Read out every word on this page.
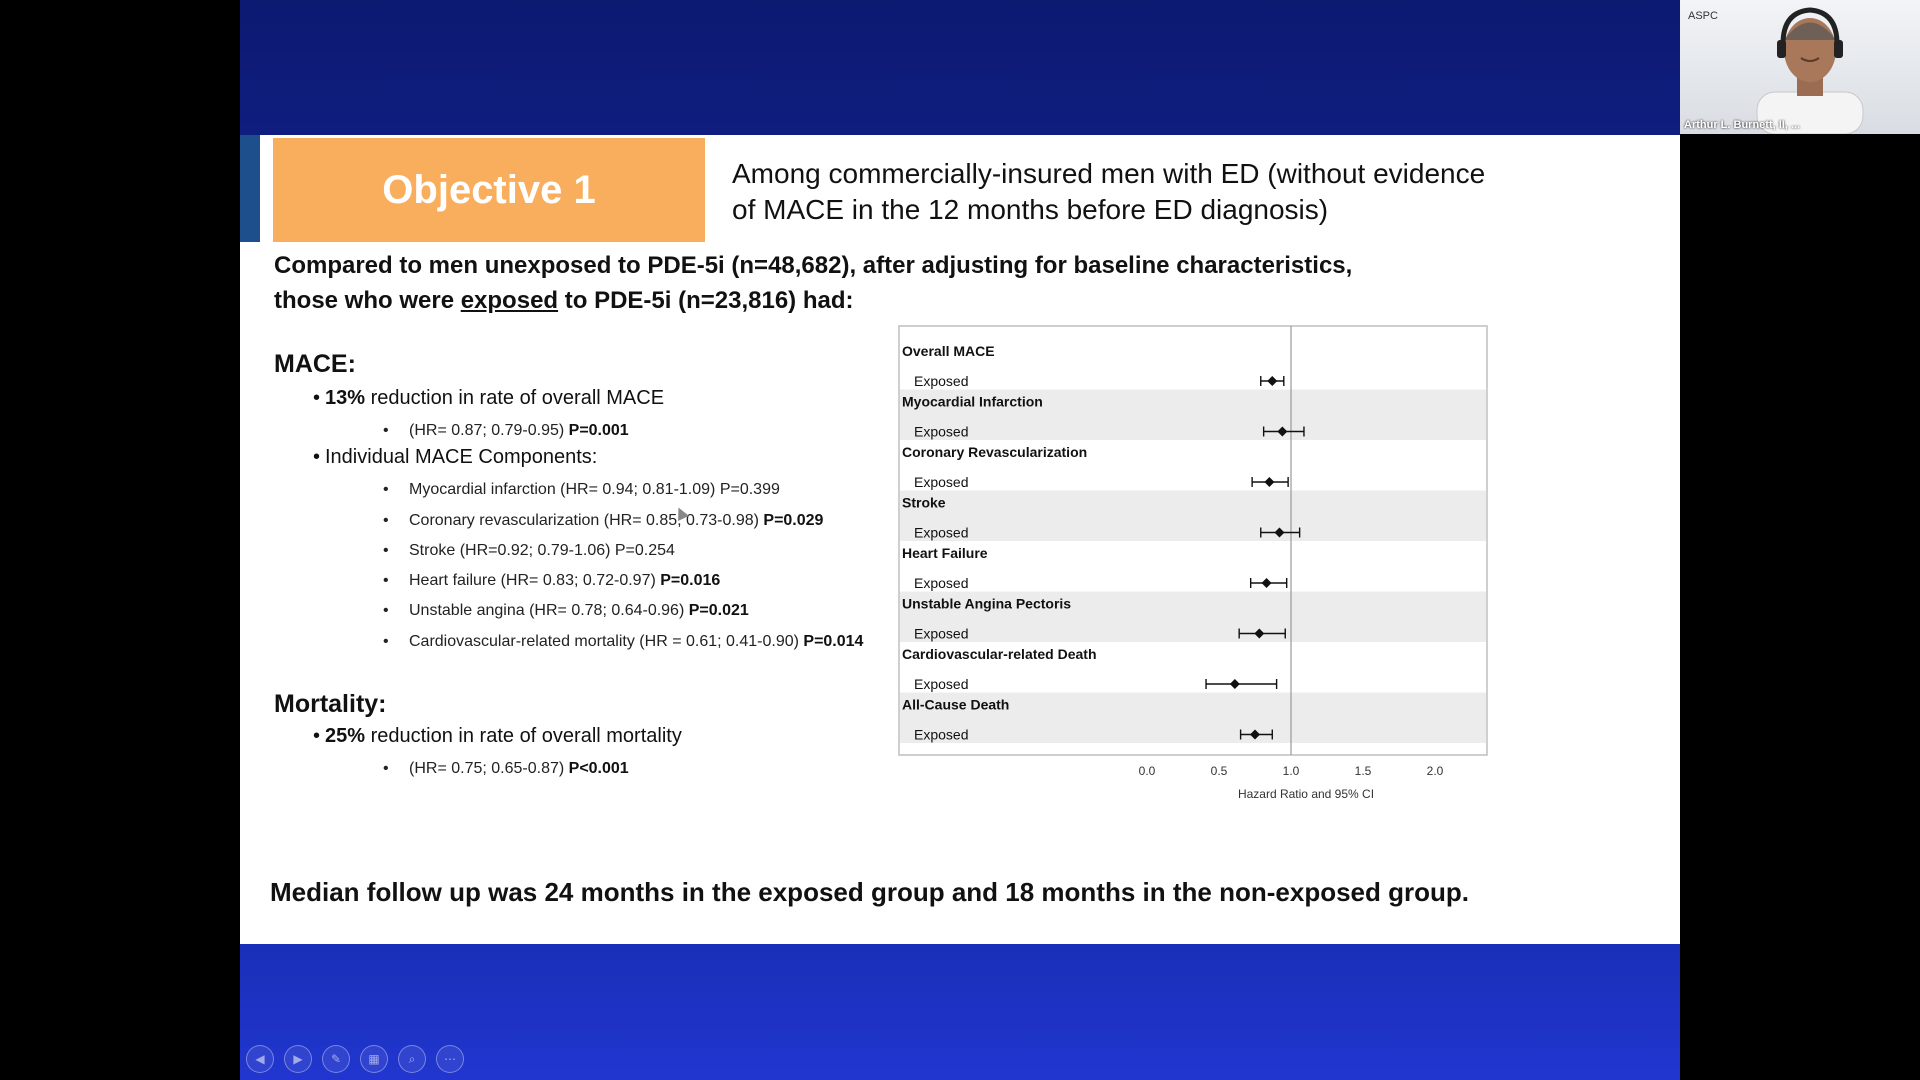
Objective 1	Among commercially-insured men with ED (without evidence
of MACE in the 12 months before ED diagnosis)
Compared to men unexposed to PDE-5i (n=48,682), after adjusting for baseline characteristics,
those who were exposed to PDE-5i (n=23,816) had:
MACE:
• 13% reduction in rate of overall MACE
• (HR= 0.87; 0.79-0.95) P=0.001
• Individual MACE Components:
• Myocardial infarction (HR= 0.94; 0.81-1.09) P=0.399
• Coronary revascularization (HR= 0.85; 0.73-0.98) P=0.029
• Stroke (HR=0.92; 0.79-1.06) P=0.254
• Heart failure (HR= 0.83; 0.72-0.97) P=0.016
• Unstable angina (HR= 0.78; 0.64-0.96) P=0.021
• Cardiovascular-related mortality (HR = 0.61; 0.41-0.90) P=0.014
Mortality:
• 25% reduction in rate of overall mortality
• (HR= 0.75; 0.65-0.87) P<0.001
Overall MACE
Exposed
Myocardial Infarction
Exposed
Coronary Revascularization
Exposed
Stroke
Exposed
Heart Failure
Exposed
Unstable Angina Pectoris
Exposed
Cardiovascular-related Death
Exposed
All-Cause Death
Exposed
0.0	0.5	1.0	1.5	2.0
Hazard Ratio and 95% CI
Median follow up was 24 months in the exposed group and 18 months in the non-exposed group.
ASPC
Arthur L. Burnett, II, ...
◀	▶	✎	▦	⌕	⋯
